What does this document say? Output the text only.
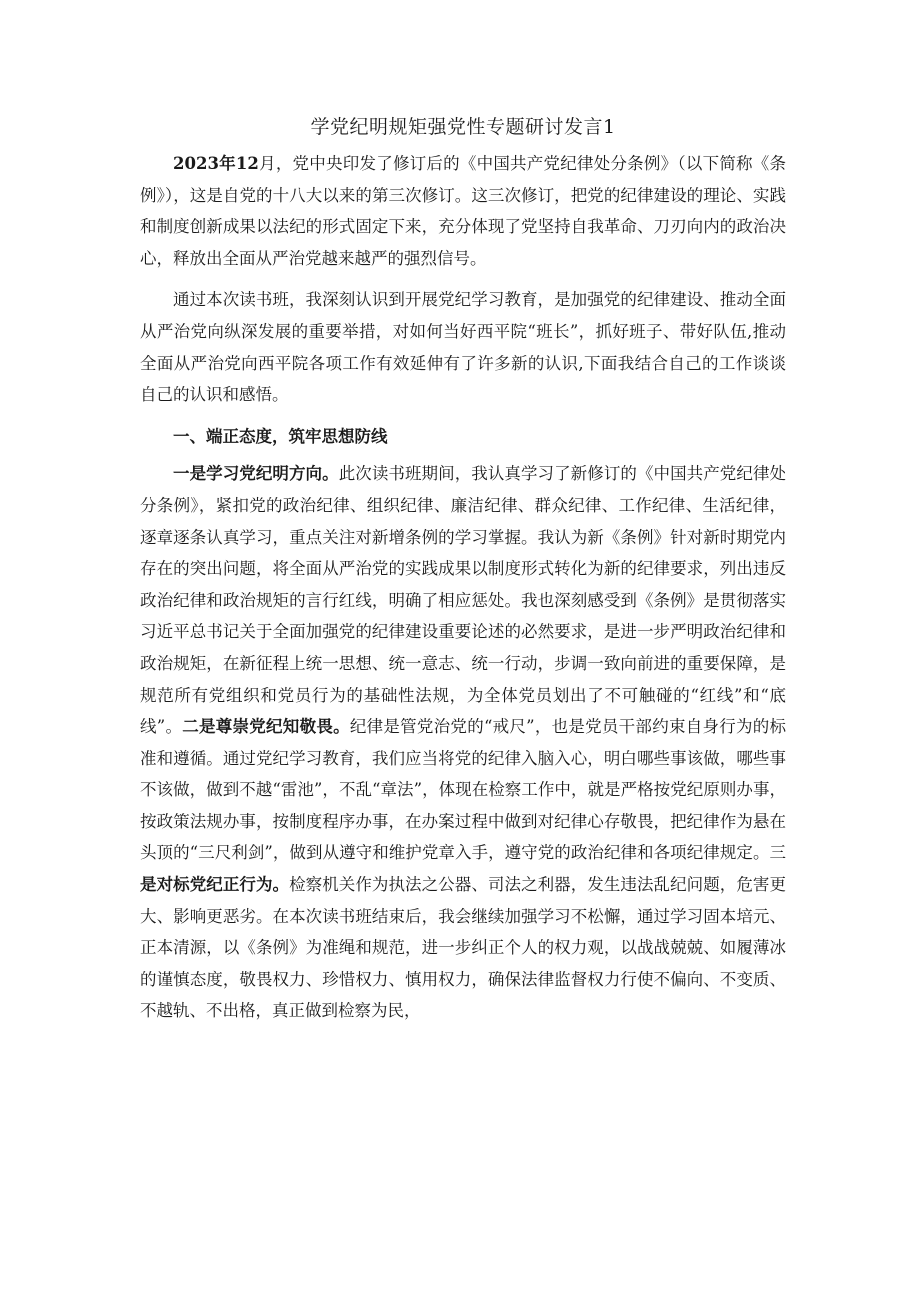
学党纪明规矩强党性专题研讨发言1

2023年12月，党中央印发了修订后的《中国共产党纪律处分条例》（以下简称《条例》），这是自党的十八大以来的第三次修订。这三次修订，把党的纪律建设的理论、实践和制度创新成果以法纪的形式固定下来，充分体现了党坚持自我革命、刀刃向内的政治决心，释放出全面从严治党越来越严的强烈信号。

通过本次读书班，我深刻认识到开展党纪学习教育，是加强党的纪律建设、推动全面从严治党向纵深发展的重要举措，对如何当好西平院“班长”，抓好班子、带好队伍,推动全面从严治党向西平院各项工作有效延伸有了许多新的认识,下面我结合自己的工作谈谈自己的认识和感悟。

一、端正态度，筑牢思想防线

一是学习党纪明方向。此次读书班期间，我认真学习了新修订的《中国共产党纪律处分条例》，紧扣党的政治纪律、组织纪律、廉洁纪律、群众纪律、工作纪律、生活纪律，逐章逐条认真学习，重点关注对新增条例的学习掌握。我认为新《条例》针对新时期党内存在的突出问题，将全面从严治党的实践成果以制度形式转化为新的纪律要求，列出违反政治纪律和政治规矩的言行红线，明确了相应惩处。我也深刻感受到《条例》是贯彻落实习近平总书记关于全面加强党的纪律建设重要论述的必然要求，是进一步严明政治纪律和政治规矩，在新征程上统一思想、统一意志、统一行动，步调一致向前进的重要保障，是规范所有党组织和党员行为的基础性法规，为全体党员划出了不可触碰的“红线”和“底线”。二是尊崇党纪知敬畏。纪律是管党治党的“戒尺”，也是党员干部约束自身行为的标准和遵循。通过党纪学习教育，我们应当将党的纪律入脑入心，明白哪些事该做，哪些事不该做，做到不越“雷池”，不乱“章法”，体现在检察工作中，就是严格按党纪原则办事，按政策法规办事，按制度程序办事，在办案过程中做到对纪律心存敬畏，把纪律作为悬在头顶的“三尺利剑”，做到从遵守和维护党章入手，遵守党的政治纪律和各项纪律规定。三是对标党纪正行为。检察机关作为执法之公器、司法之利器，发生违法乱纪问题，危害更大、影响更恶劣。在本次读书班结束后，我会继续加强学习不松懈，通过学习固本培元、正本清源，以《条例》为准绳和规范，进一步纠正个人的权力观，以战战兢兢、如履薄冰的谨慎态度，敬畏权力、珍惜权力、慎用权力，确保法律监督权力行使不偏向、不变质、不越轨、不出格，真正做到检察为民，
